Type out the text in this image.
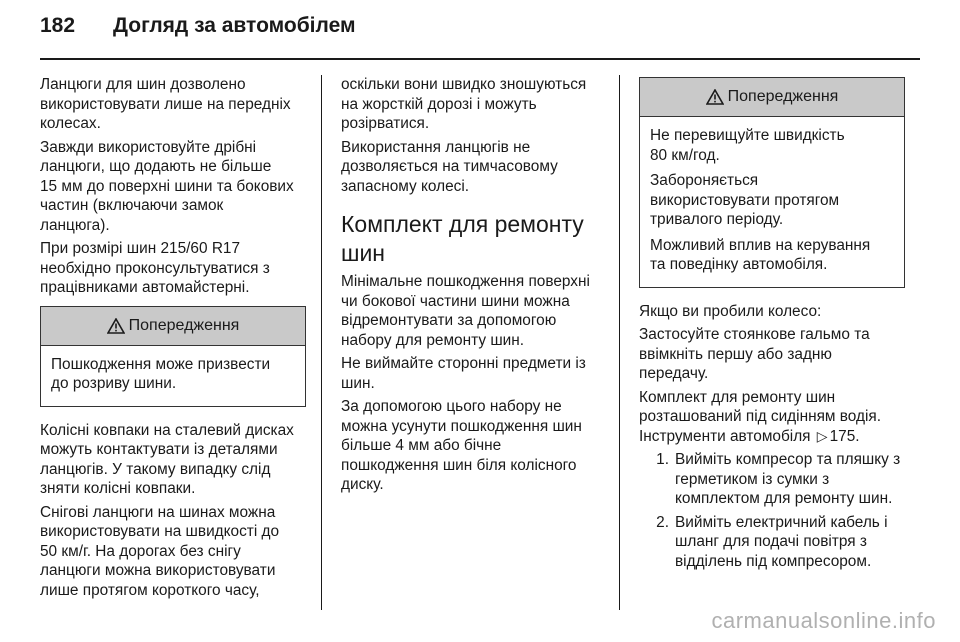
182 Догляд за автомобілем

Ланцюги для шин дозволено
використовувати лише на передніх
колесах.

Завжди використовуйте дрібні
ланцюги, що додають не більше
15 мм до поверхні шини та бокових
частин (включаючи замок
ланцюга).

При розмірі шин 215/60 R17
необхідно проконсультуватися з
працівниками автомайстерні.

Попередження

Пошкодження може призвести
до розриву шини.

Колісні ковпаки на сталевий дисках
можуть контактувати із деталями
ланцюгів. У такому випадку слід
зняти колісні ковпаки.

Снігові ланцюги на шинах можна
використовувати на швидкості до
50 км/г. На дорогах без снігу
ланцюги можна використовувати
лише протягом короткого часу,

оскільки вони швидко зношуються
на жорсткій дорозі і можуть
розірватися.

Використання ланцюгів не
дозволяється на тимчасовому
запасному колесі.

Комплект для ремонту
шин

Мінімальне пошкодження поверхні
чи бокової частини шини можна
відремонтувати за допомогою
набору для ремонту шин.

Не виймайте сторонні предмети із
шин.

За допомогою цього набору не
можна усунути пошкодження шин
більше 4 мм або бічне
пошкодження шин біля колісного
диску.

Попередження

Не перевищуйте швидкість
80 км/год.

Забороняється
використовувати протягом
тривалого періоду.

Можливий вплив на керування
та поведінку автомобіля.

Якщо ви пробили колесо:

Застосуйте стоянкове гальмо та
ввімкніть першу або задню
передачу.

Комплект для ремонту шин
розташований під сидінням водія.
Інструменти автомобіля ▷ 175.

1. Вийміть компресор та пляшку з
герметиком із сумки з
комплектом для ремонту шин.
2. Вийміть електричний кабель і
шланг для подачі повітря з
відділень під компресором.
carmanualsonline.info
